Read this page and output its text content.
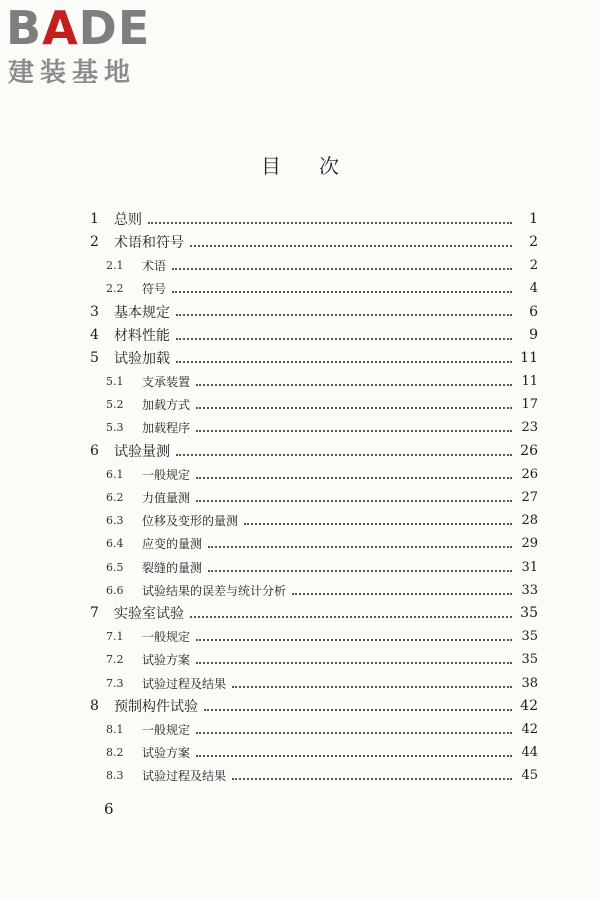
BADE
建装基地
目次
1	总则	1
2	术语和符号	2
2.1	术语	2
2.2	符号	4
3	基本规定	6
4	材料性能	9
5	试验加载	11
5.1	支承装置	11
5.2	加载方式	17
5.3	加载程序	23
6	试验量测	26
6.1	一般规定	26
6.2	力值量测	27
6.3	位移及变形的量测	28
6.4	应变的量测	29
6.5	裂缝的量测	31
6.6	试验结果的误差与统计分析	33
7	实验室试验	35
7.1	一般规定	35
7.2	试验方案	35
7.3	试验过程及结果	38
8	预制构件试验	42
8.1	一般规定	42
8.2	试验方案	44
8.3	试验过程及结果	45
6
